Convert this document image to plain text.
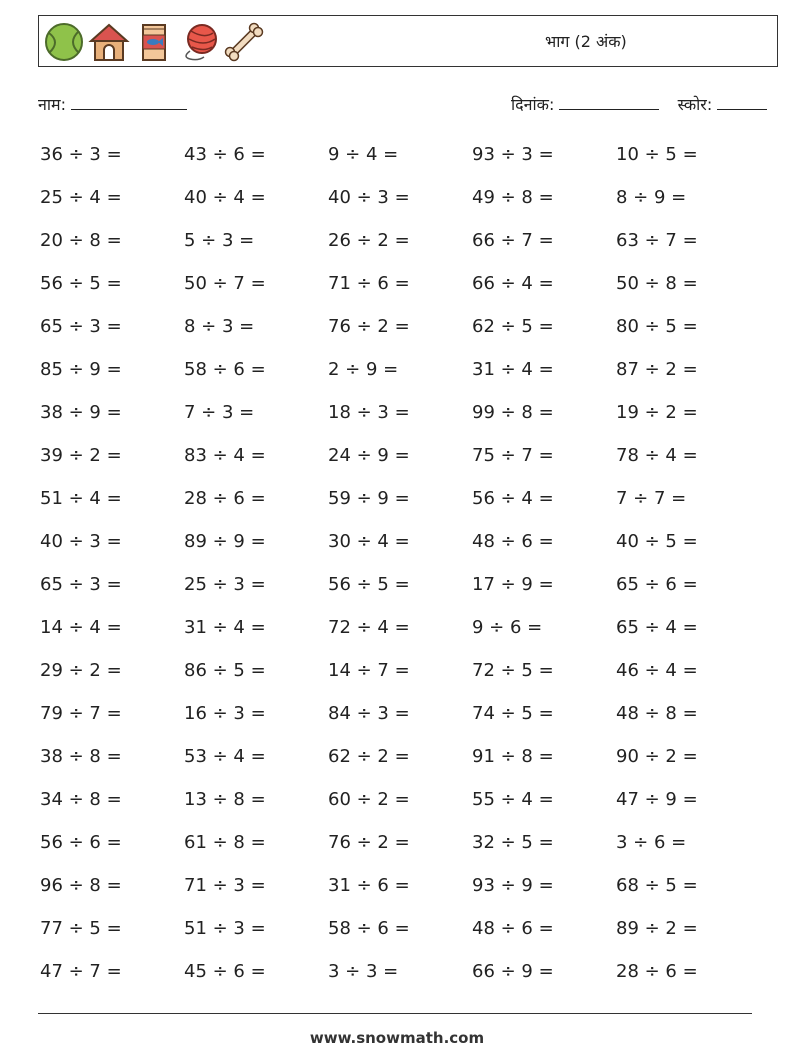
भाग (2 अंक)
नाम:	दिनांक:	स्कोर:
36 ÷ 3 =	43 ÷ 6 =	9 ÷ 4 =	93 ÷ 3 =	10 ÷ 5 =
25 ÷ 4 =	40 ÷ 4 =	40 ÷ 3 =	49 ÷ 8 =	8 ÷ 9 =
20 ÷ 8 =	5 ÷ 3 =	26 ÷ 2 =	66 ÷ 7 =	63 ÷ 7 =
56 ÷ 5 =	50 ÷ 7 =	71 ÷ 6 =	66 ÷ 4 =	50 ÷ 8 =
65 ÷ 3 =	8 ÷ 3 =	76 ÷ 2 =	62 ÷ 5 =	80 ÷ 5 =
85 ÷ 9 =	58 ÷ 6 =	2 ÷ 9 =	31 ÷ 4 =	87 ÷ 2 =
38 ÷ 9 =	7 ÷ 3 =	18 ÷ 3 =	99 ÷ 8 =	19 ÷ 2 =
39 ÷ 2 =	83 ÷ 4 =	24 ÷ 9 =	75 ÷ 7 =	78 ÷ 4 =
51 ÷ 4 =	28 ÷ 6 =	59 ÷ 9 =	56 ÷ 4 =	7 ÷ 7 =
40 ÷ 3 =	89 ÷ 9 =	30 ÷ 4 =	48 ÷ 6 =	40 ÷ 5 =
65 ÷ 3 =	25 ÷ 3 =	56 ÷ 5 =	17 ÷ 9 =	65 ÷ 6 =
14 ÷ 4 =	31 ÷ 4 =	72 ÷ 4 =	9 ÷ 6 =	65 ÷ 4 =
29 ÷ 2 =	86 ÷ 5 =	14 ÷ 7 =	72 ÷ 5 =	46 ÷ 4 =
79 ÷ 7 =	16 ÷ 3 =	84 ÷ 3 =	74 ÷ 5 =	48 ÷ 8 =
38 ÷ 8 =	53 ÷ 4 =	62 ÷ 2 =	91 ÷ 8 =	90 ÷ 2 =
34 ÷ 8 =	13 ÷ 8 =	60 ÷ 2 =	55 ÷ 4 =	47 ÷ 9 =
56 ÷ 6 =	61 ÷ 8 =	76 ÷ 2 =	32 ÷ 5 =	3 ÷ 6 =
96 ÷ 8 =	71 ÷ 3 =	31 ÷ 6 =	93 ÷ 9 =	68 ÷ 5 =
77 ÷ 5 =	51 ÷ 3 =	58 ÷ 6 =	48 ÷ 6 =	89 ÷ 2 =
47 ÷ 7 =	45 ÷ 6 =	3 ÷ 3 =	66 ÷ 9 =	28 ÷ 6 =
www.snowmath.com
